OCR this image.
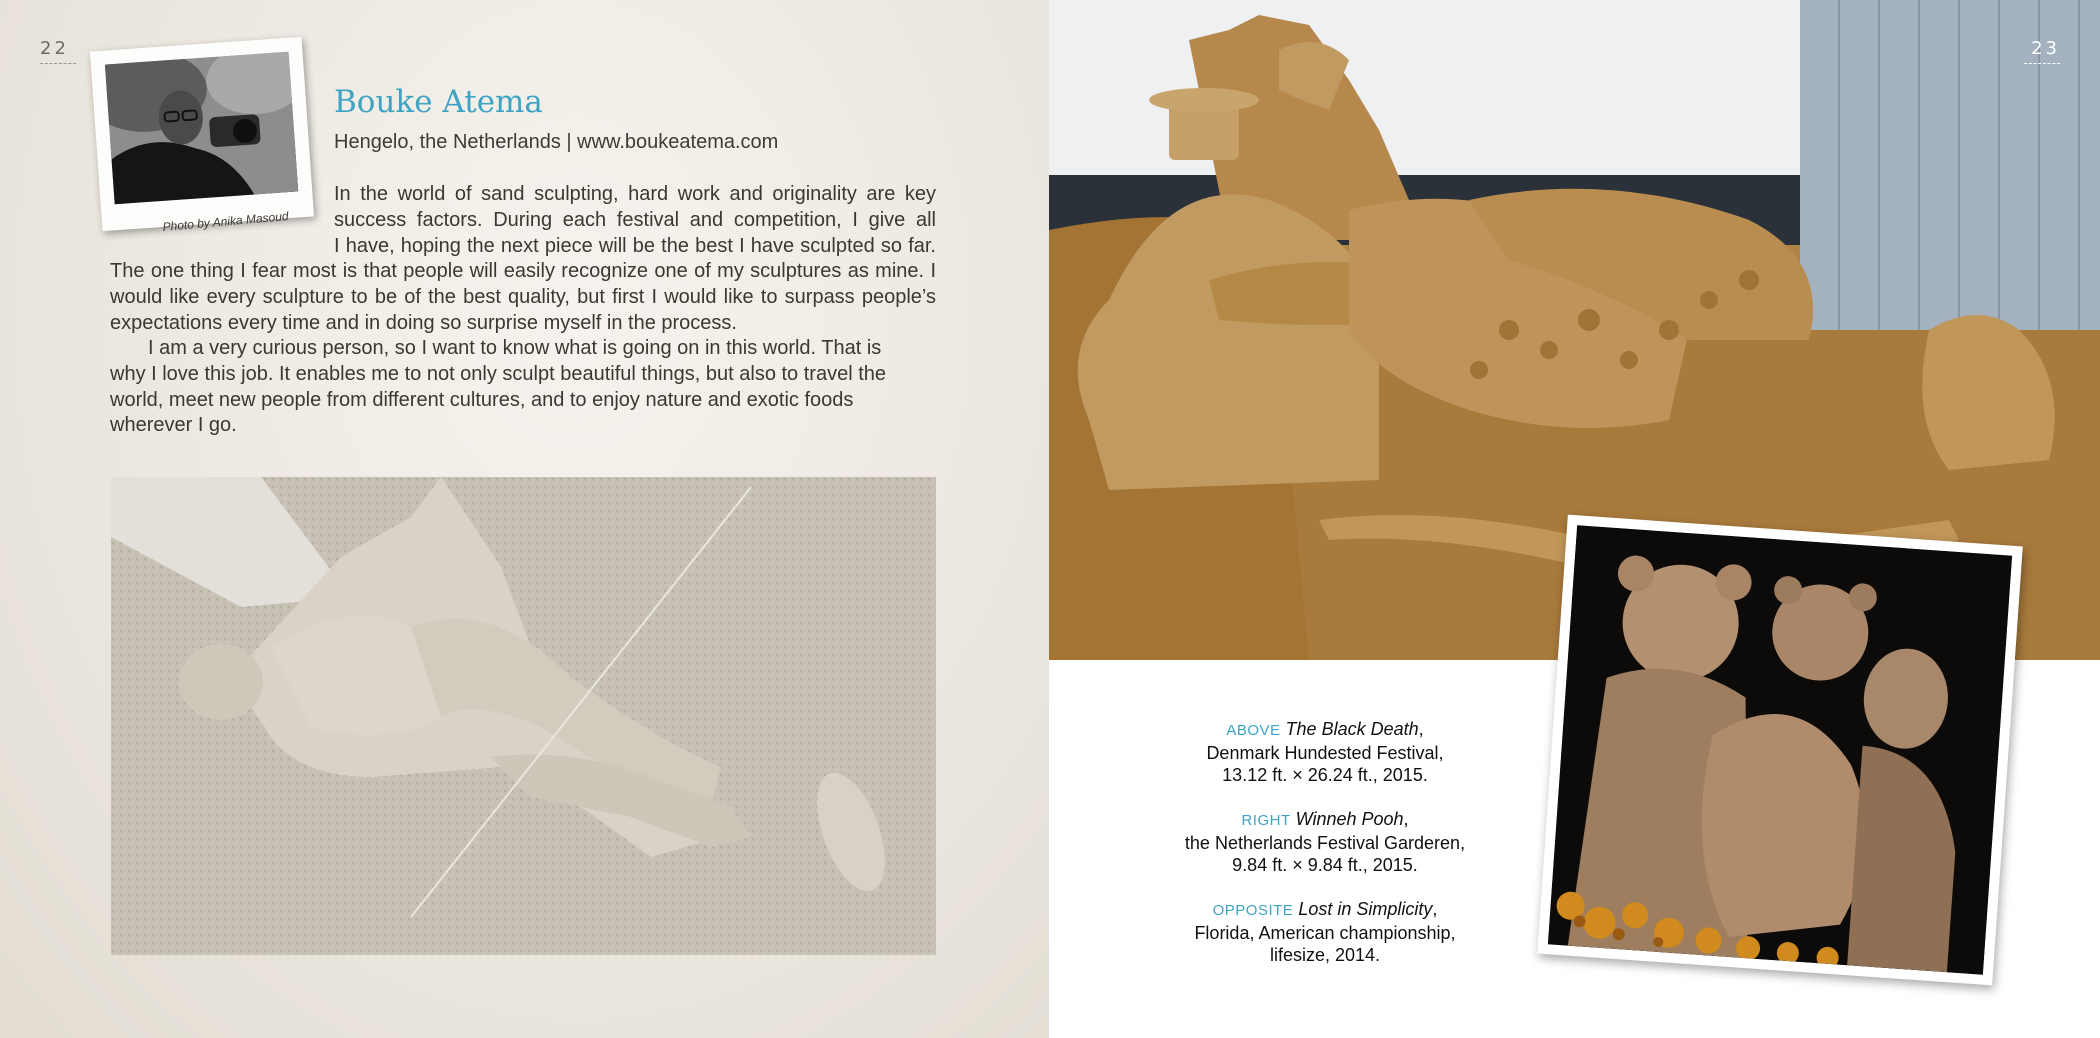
22
Photo by Anika Masoud
Bouke Atema
Hengelo, the Netherlands | www.boukeatema.com
In the world of sand sculpting, hard work and originality are key
success factors. During each festival and competition, I give all
I have, hoping the next piece will be the best I have sculpted so far.
The one thing I fear most is that people will easily recognize one of my sculptures as mine. I would like every sculpture to be of the best quality, but first I would like to surpass people’s expectations every time and in doing so surprise myself in the process.
I am a very curious person, so I want to know what is going on in this world. That is why I love this job. It enables me to not only sculpt beautiful things, but also to travel the world, meet new people from different cultures, and to enjoy nature and exotic foods wherever I go.
23
ABOVE The Black Death,
Denmark Hundested Festival,
13.12 ft. × 26.24 ft., 2015.
RIGHT Winneh Pooh,
the Netherlands Festival Garderen,
9.84 ft. × 9.84 ft., 2015.
OPPOSITE Lost in Simplicity,
Florida, American championship,
lifesize, 2014.
